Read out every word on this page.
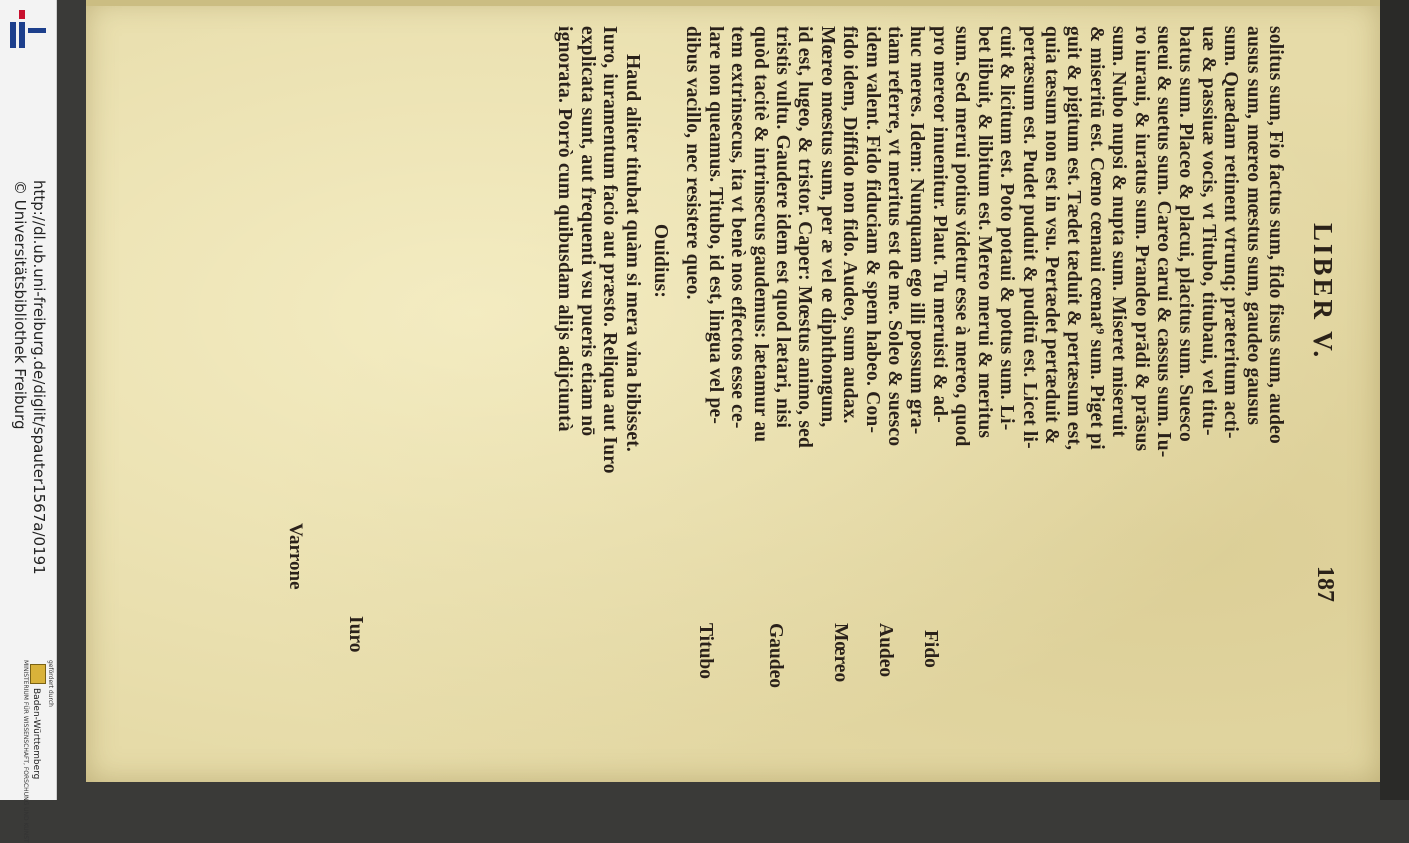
http://dl.ub.uni-freiburg.de/diglit/spauter1567a/0191
© Universitätsbibliothek Freiburg
gefördert durch
Baden-Württemberg
MINISTERIUM FÜR WISSENSCHAFT, FORSCHUNG UND KUNST
LIBER V.
187
solitus sum, Fio factus sum, fido fisus sum, audeo
ausus sum, mœreo mœstus sum, gaudeo gausus
sum. Quædam retinent vtrunq; præteritum acti-
uæ & passiuæ vocis, vt Titubo, titubaui, vel titu-
batus sum. Placeo & placui, placitus sum. Suesco
sueui & suetus sum. Careo carui & cassus sum. Iu-
ro iuraui, & iuratus sum. Prandeo prādi & prāsus
sum. Nubo nupsi & nupta sum. Miseret miseruit
& miseritū est. Cœno cœnaui cœnat⁹ sum. Piget pi
guit & pigitum est. Tædet tæduit & pertæsum est,
quia tæsum non est in vsu. Pertædet pertæduit &
pertæsum est. Pudet puduit & puditū est. Licet li-
cuit & licitum est. Poto potaui & potus sum. Li-
bet libuit, & libitum est. Mereo merui & meritus
sum. Sed merui potius videtur esse à mereo, quod
pro mereor inuenitur. Plaut. Tu meruisti & ad-
huc meres. Idem: Nunquam ego illi possum gra-
tiam referre, vt meritus est de me. Soleo & suesco
idem valent. Fido fiduciam & spem habeo. Con-
fido idem, Diffido non fido. Audeo, sum audax.
Mœreo mœstus sum, per æ vel œ diphthongum,
id est, lugeo, & tristor. Caper: Mœstus animo, sed
tristis vultu. Gaudere idem est quod lætari, nisi
quòd tacitè & intrinsecus gaudemus: lætamur au
tem extrinsecus, ita vt benè nos effectos esse ce-
lare non queamus. Titubo, id est, lingua vel pe-
dibus vacillo, nec resistere queo.
Ouidius:
Haud aliter titubat quàm si mera vina bibisset.
Iuro, iuramentum facio aut præsto. Reliqua aut Iuro
explicata sunt, aut frequenti vsu pueris etiam nō
ignorata. Porrò cum quibusdam alijs adijciuntà
Fido
Audeo
Mœreo
Gaudeo
Titubo
Iuro
Varrone
